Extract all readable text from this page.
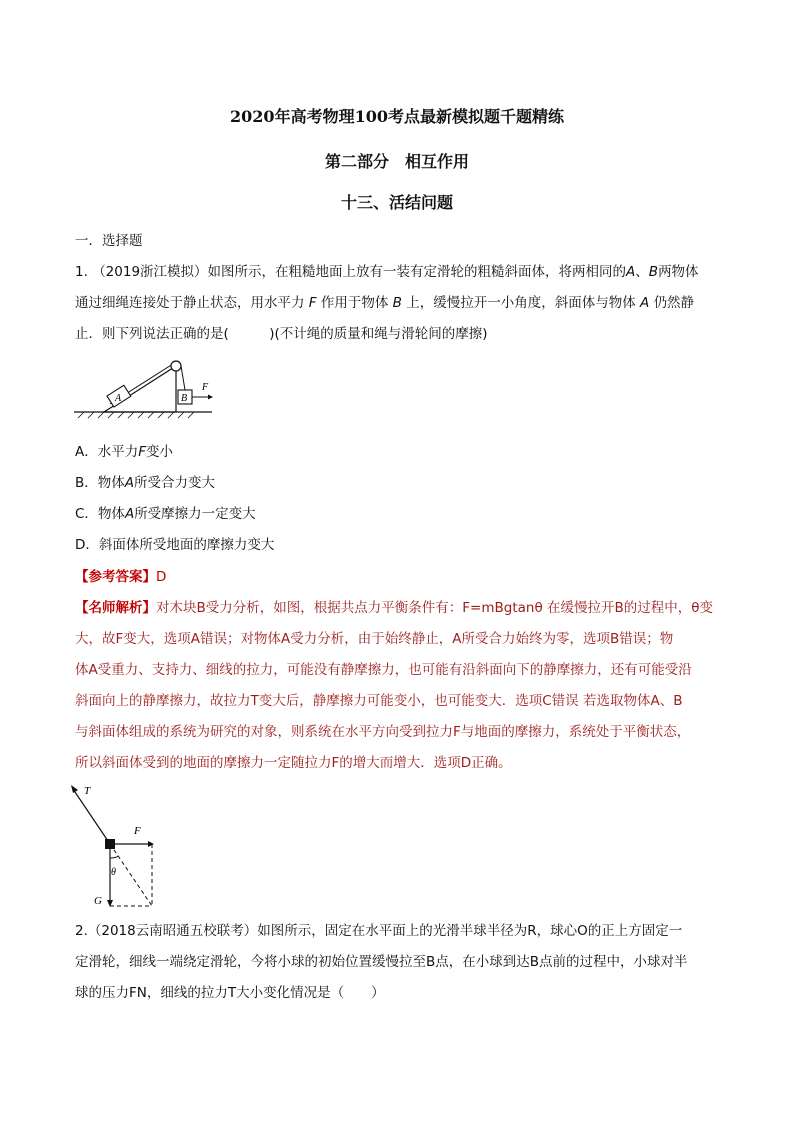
2020年高考物理100考点最新模拟题千题精练
第二部分　相互作用
十三、活结问题
一．选择题
1. （2019浙江模拟）如图所示，在粗糙地面上放有一装有定滑轮的粗糙斜面体，将两相同的A、B两物体
通过细绳连接处于静止状态，用水平力 F 作用于物体 B 上，缓慢拉开一小角度，斜面体与物体 A 仍然静
止．则下列说法正确的是(　　　)(不计绳的质量和绳与滑轮间的摩擦)
A	B
F
A．水平力F变小
B．物体A所受合力变大
C．物体A所受摩擦力一定变大
D．斜面体所受地面的摩擦力变大
【参考答案】D
【名师解析】对木块B受力分析，如图，根据共点力平衡条件有：F=mBgtanθ 在缓慢拉开B的过程中，θ变
大，故F变大，选项A错误；对物体A受力分析，由于始终静止，A所受合力始终为零，选项B错误；物
体A受重力、支持力、细线的拉力，可能没有静摩擦力，也可能有沿斜面向下的静摩擦力，还有可能受沿
斜面向上的静摩擦力，故拉力T变大后，静摩擦力可能变小，也可能变大．选项C错误 若选取物体A、B
与斜面体组成的系统为研究的对象，则系统在水平方向受到拉力F与地面的摩擦力，系统处于平衡状态，
所以斜面体受到的地面的摩擦力一定随拉力F的增大而增大．选项D正确。
T
F
G
θ
2.（2018云南昭通五校联考）如图所示，固定在水平面上的光滑半球半径为R，球心O的正上方固定一
定滑轮，细线一端绕定滑轮，今将小球的初始位置缓慢拉至B点，在小球到达B点前的过程中，小球对半
球的压力FN，细线的拉力T大小变化情况是（　　）
